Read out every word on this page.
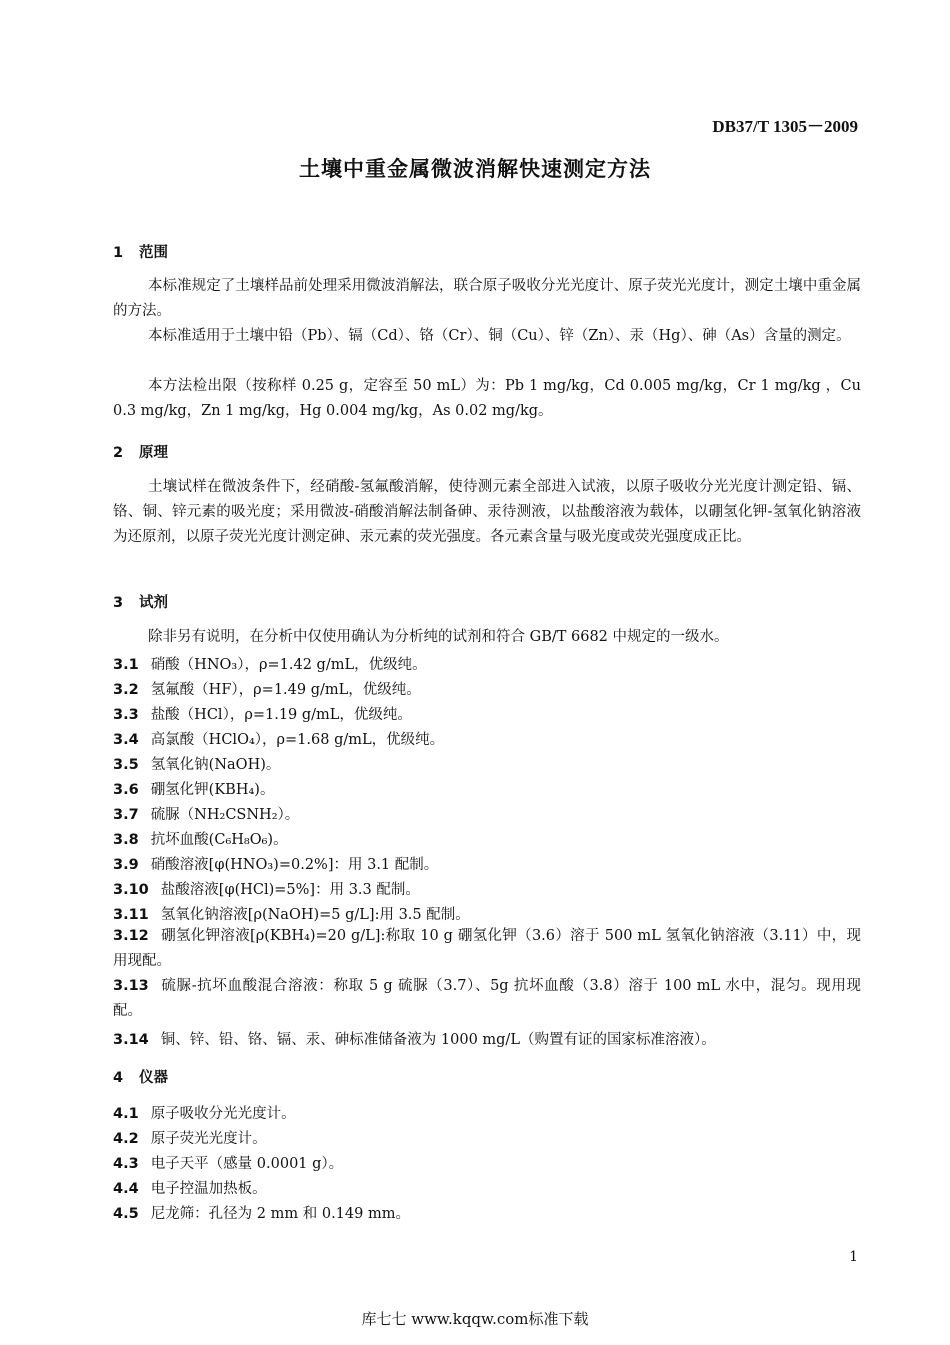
DB37/T 1305－2009
土壤中重金属微波消解快速测定方法
1 范围
本标准规定了土壤样品前处理采用微波消解法，联合原子吸收分光光度计、原子荧光光度计，测定土壤中重金属的方法。
本标准适用于土壤中铅（Pb）、镉（Cd）、铬（Cr）、铜（Cu）、锌（Zn）、汞（Hg）、砷（As）含量的测定。
本方法检出限（按称样 0.25 g，定容至 50 mL）为：Pb 1 mg/kg，Cd 0.005 mg/kg，Cr 1 mg/kg ，Cu 0.3 mg/kg，Zn 1 mg/kg，Hg 0.004 mg/kg，As 0.02 mg/kg。
2 原理
土壤试样在微波条件下，经硝酸-氢氟酸消解，使待测元素全部进入试液，以原子吸收分光光度计测定铅、镉、铬、铜、锌元素的吸光度；采用微波-硝酸消解法制备砷、汞待测液，以盐酸溶液为载体，以硼氢化钾-氢氧化钠溶液为还原剂，以原子荧光光度计测定砷、汞元素的荧光强度。各元素含量与吸光度或荧光强度成正比。
3 试剂
除非另有说明，在分析中仅使用确认为分析纯的试剂和符合 GB/T 6682 中规定的一级水。
3.1 硝酸（HNO₃），ρ=1.42 g/mL，优级纯。
3.2 氢氟酸（HF），ρ=1.49 g/mL，优级纯。
3.3 盐酸（HCl），ρ=1.19 g/mL，优级纯。
3.4 高氯酸（HClO₄），ρ=1.68 g/mL，优级纯。
3.5 氢氧化钠(NaOH)。
3.6 硼氢化钾(KBH₄)。
3.7 硫脲（NH₂CSNH₂）。
3.8 抗坏血酸(C₆H₈O₆)。
3.9 硝酸溶液[φ(HNO₃)=0.2%]：用 3.1 配制。
3.10 盐酸溶液[φ(HCl)=5%]：用 3.3 配制。
3.11 氢氧化钠溶液[ρ(NaOH)=5 g/L]:用 3.5 配制。
3.12 硼氢化钾溶液[ρ(KBH₄)=20 g/L]:称取 10 g 硼氢化钾（3.6）溶于 500 mL 氢氧化钠溶液（3.11）中，现用现配。
3.13 硫脲-抗坏血酸混合溶液：称取 5 g 硫脲（3.7）、5g 抗坏血酸（3.8）溶于 100 mL 水中，混匀。现用现配。
3.14 铜、锌、铅、铬、镉、汞、砷标准储备液为 1000 mg/L（购置有证的国家标准溶液）。
4 仪器
4.1 原子吸收分光光度计。
4.2 原子荧光光度计。
4.3 电子天平（感量 0.0001 g）。
4.4 电子控温加热板。
4.5 尼龙筛：孔径为 2 mm 和 0.149 mm。
1
库七七 www.kqqw.com标准下载
